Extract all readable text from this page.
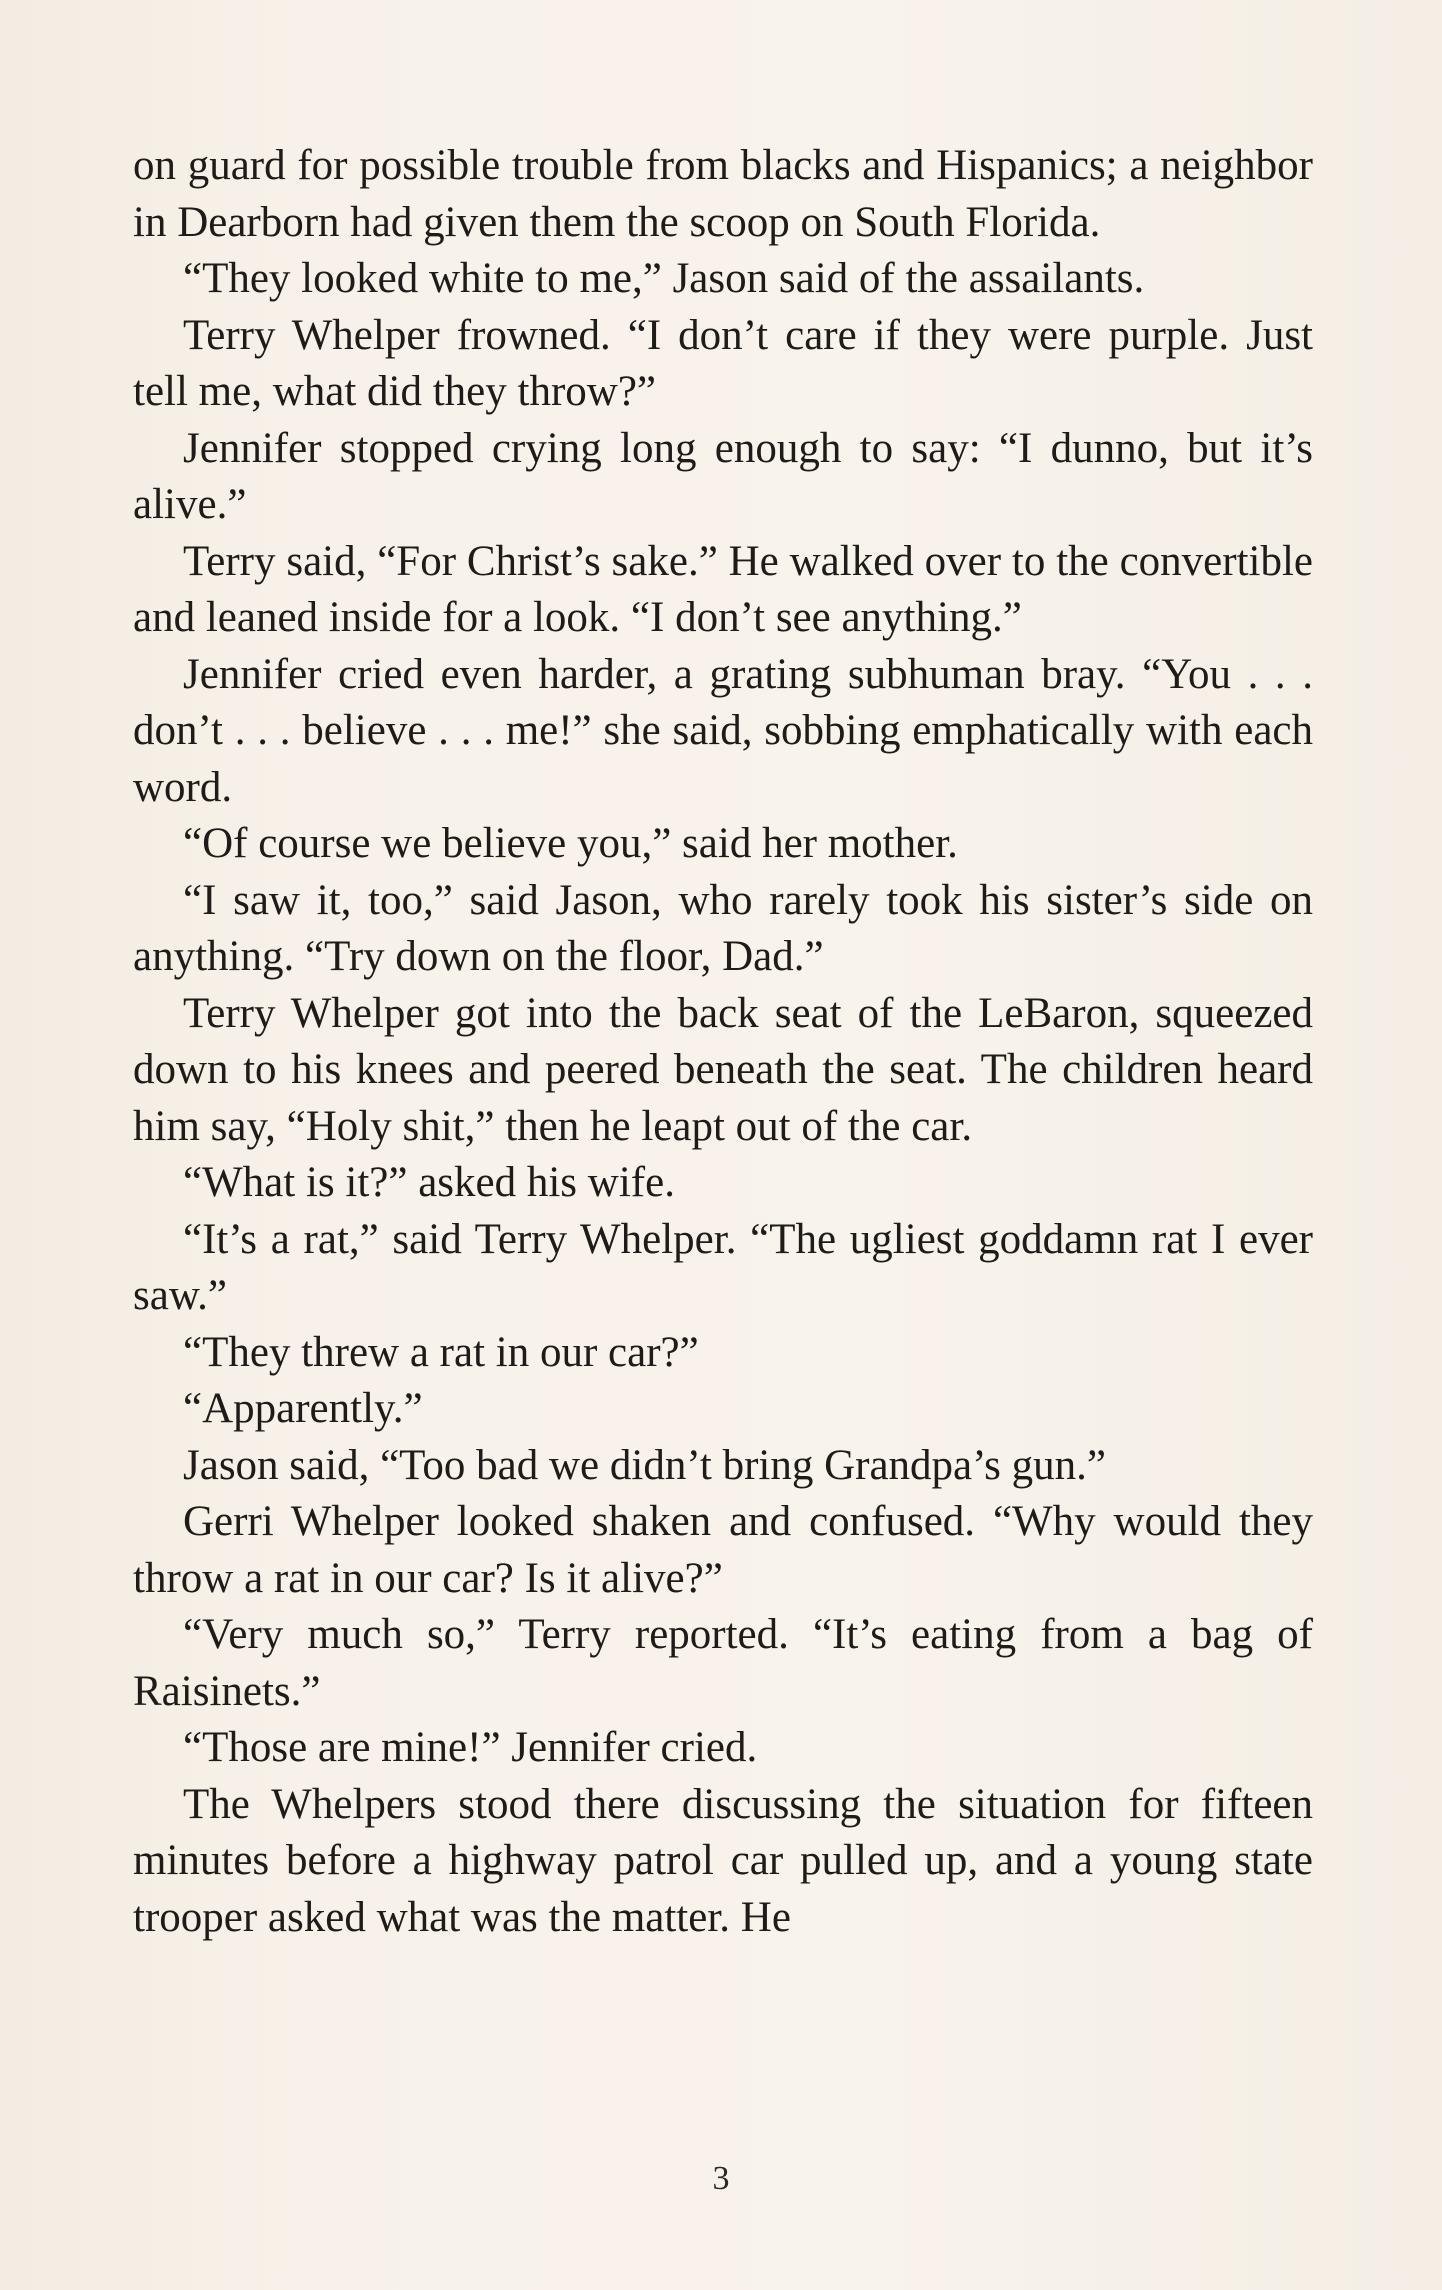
on guard for possible trouble from blacks and Hispanics; a neighbor in Dearborn had given them the scoop on South Florida.

“They looked white to me,” Jason said of the assailants.

Terry Whelper frowned. “I don’t care if they were purple. Just tell me, what did they throw?”

Jennifer stopped crying long enough to say: “I dunno, but it’s alive.”

Terry said, “For Christ’s sake.” He walked over to the convertible and leaned inside for a look. “I don’t see anything.”

Jennifer cried even harder, a grating subhuman bray. “You . . . don’t . . . believe . . . me!” she said, sobbing emphatically with each word.

“Of course we believe you,” said her mother.

“I saw it, too,” said Jason, who rarely took his sister’s side on anything. “Try down on the floor, Dad.”

Terry Whelper got into the back seat of the LeBaron, squeezed down to his knees and peered beneath the seat. The children heard him say, “Holy shit,” then he leapt out of the car.

“What is it?” asked his wife.

“It’s a rat,” said Terry Whelper. “The ugliest goddamn rat I ever saw.”

“They threw a rat in our car?”

“Apparently.”

Jason said, “Too bad we didn’t bring Grandpa’s gun.”

Gerri Whelper looked shaken and confused. “Why would they throw a rat in our car? Is it alive?”

“Very much so,” Terry reported. “It’s eating from a bag of Raisinets.”

“Those are mine!” Jennifer cried.

The Whelpers stood there discussing the situation for fifteen minutes before a highway patrol car pulled up, and a young state trooper asked what was the matter. He

3
